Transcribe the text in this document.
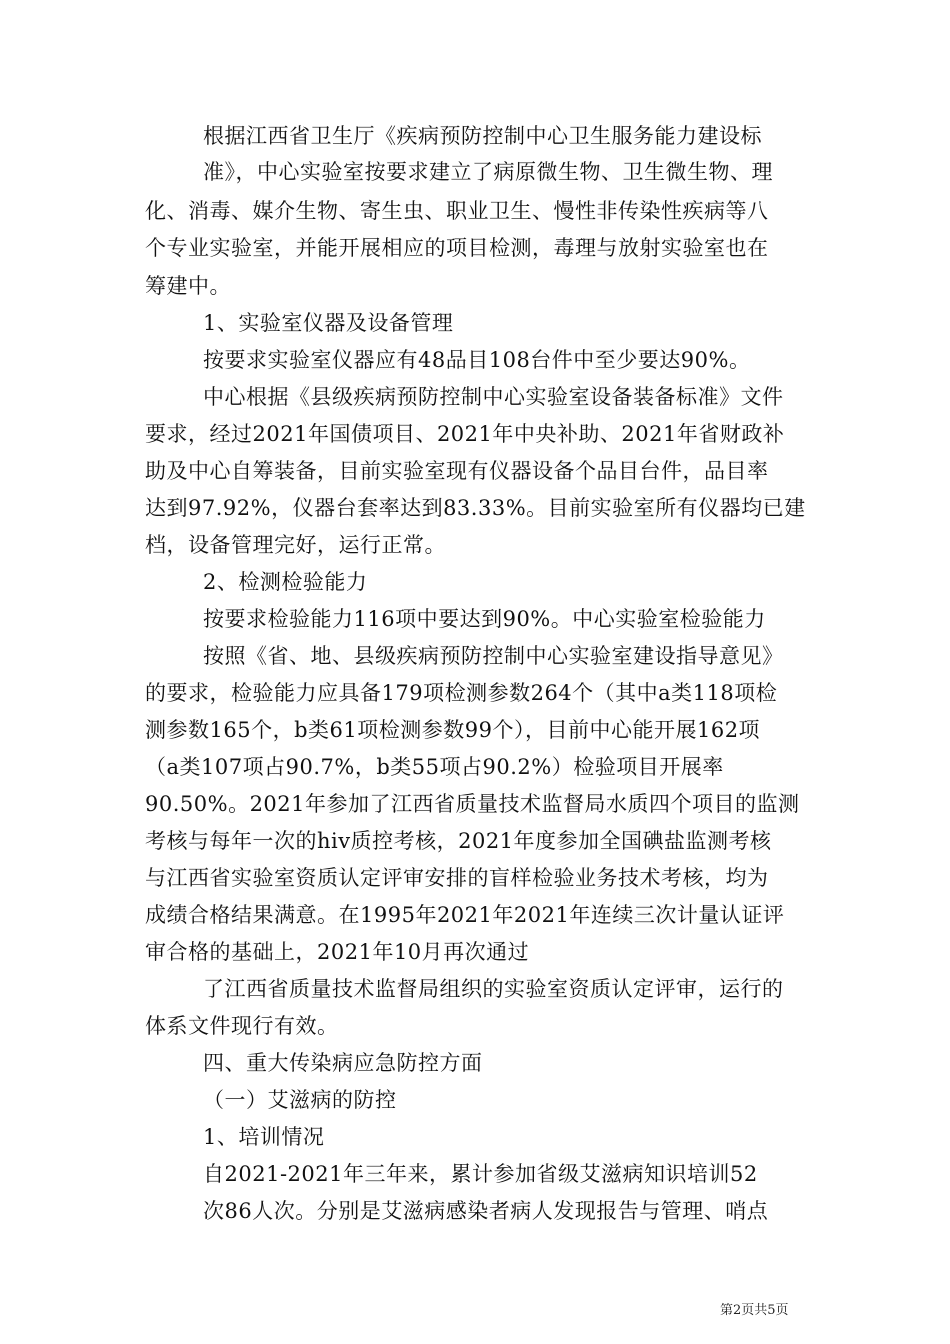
根据江西省卫生厅《疾病预防控制中心卫生服务能力建设标
准》，中心实验室按要求建立了病原微生物、卫生微生物、理
化、消毒、媒介生物、寄生虫、职业卫生、慢性非传染性疾病等八
个专业实验室，并能开展相应的项目检测，毒理与放射实验室也在
筹建中。
1、实验室仪器及设备管理
按要求实验室仪器应有48品目108台件中至少要达90%。
中心根据《县级疾病预防控制中心实验室设备装备标准》文件
要求，经过2021年国债项目、2021年中央补助、2021年省财政补
助及中心自筹装备，目前实验室现有仪器设备个品目台件，品目率
达到97.92%，仪器台套率达到83.33%。目前实验室所有仪器均已建
档，设备管理完好，运行正常。
2、检测检验能力
按要求检验能力116项中要达到90%。中心实验室检验能力
按照《省、地、县级疾病预防控制中心实验室建设指导意见》
的要求，检验能力应具备179项检测参数264个（其中a类118项检
测参数165个，b类61项检测参数99个），目前中心能开展162项
（a类107项占90.7%，b类55项占90.2%）检验项目开展率
90.50%。2021年参加了江西省质量技术监督局水质四个项目的监测
考核与每年一次的hiv质控考核，2021年度参加全国碘盐监测考核
与江西省实验室资质认定评审安排的盲样检验业务技术考核，均为
成绩合格结果满意。在1995年2021年2021年连续三次计量认证评
审合格的基础上，2021年10月再次通过
了江西省质量技术监督局组织的实验室资质认定评审，运行的
体系文件现行有效。
四、重大传染病应急防控方面
（一）艾滋病的防控
1、培训情况
自2021-2021年三年来，累计参加省级艾滋病知识培训52
次86人次。分别是艾滋病感染者病人发现报告与管理、哨点
第2页共5页
